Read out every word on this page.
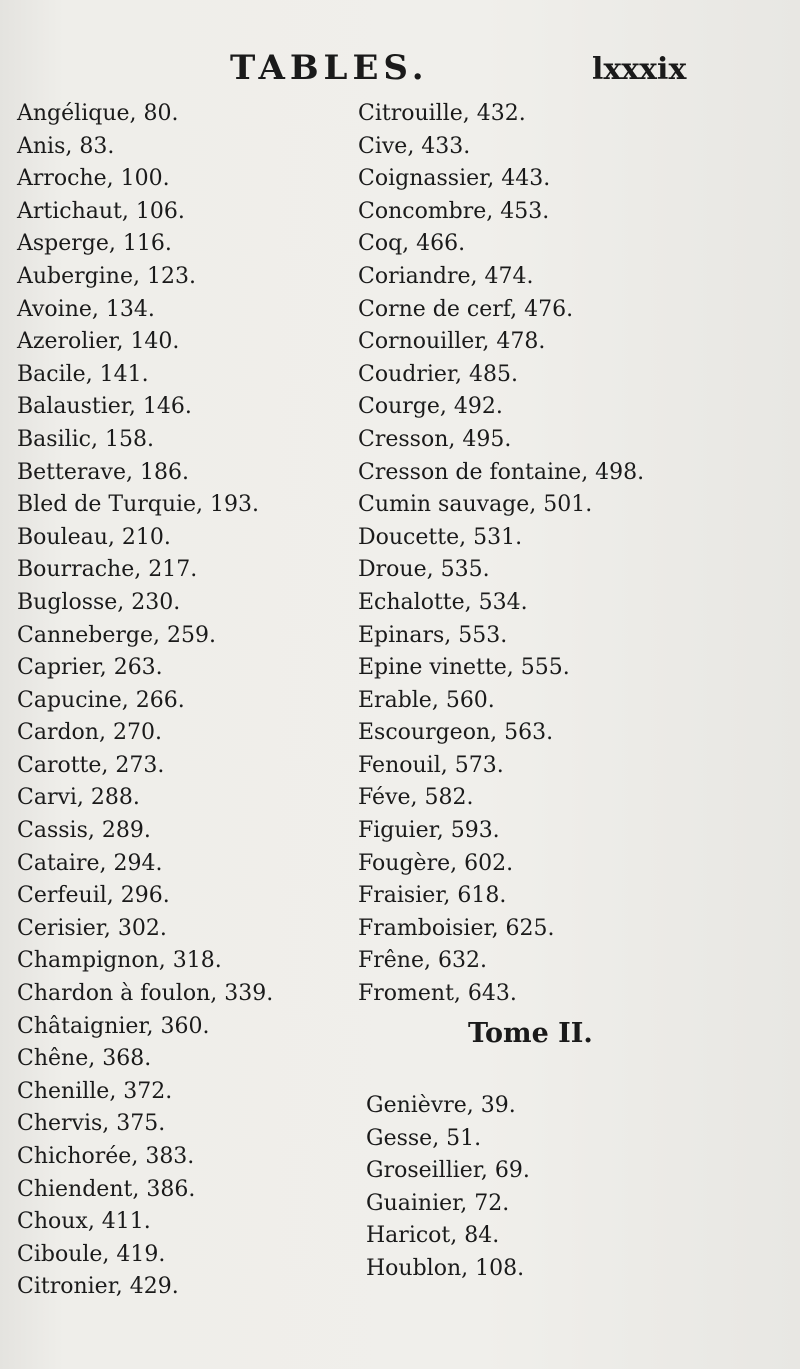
TABLES.	lxxxix
Angélique, 80.
Anis, 83.
Arroche, 100.
Artichaut, 106.
Asperge, 116.
Aubergine, 123.
Avoine, 134.
Azerolier, 140.
Bacile, 141.
Balaustier, 146.
Basilic, 158.
Betterave, 186.
Bled de Turquie, 193.
Bouleau, 210.
Bourrache, 217.
Buglosse, 230.
Canneberge, 259.
Caprier, 263.
Capucine, 266.
Cardon, 270.
Carotte, 273.
Carvi, 288.
Cassis, 289.
Cataire, 294.
Cerfeuil, 296.
Cerisier, 302.
Champignon, 318.
Chardon à foulon, 339.
Châtaignier, 360.
Chêne, 368.
Chenille, 372.
Chervis, 375.
Chichorée, 383.
Chiendent, 386.
Choux, 411.
Ciboule, 419.
Citronier, 429.
Citrouille, 432.
Cive, 433.
Coignassier, 443.
Concombre, 453.
Coq, 466.
Coriandre, 474.
Corne de cerf, 476.
Cornouiller, 478.
Coudrier, 485.
Courge, 492.
Cresson, 495.
Cresson de fontaine, 498.
Cumin sauvage, 501.
Doucette, 531.
Droue, 535.
Echalotte, 534.
Epinars, 553.
Epine vinette, 555.
Erable, 560.
Escourgeon, 563.
Fenouil, 573.
Féve, 582.
Figuier, 593.
Fougère, 602.
Fraisier, 618.
Framboisier, 625.
Frêne, 632.
Froment, 643.
Tome II.
Genièvre, 39.
Gesse, 51.
Groseillier, 69.
Guainier, 72.
Haricot, 84.
Houblon, 108.
